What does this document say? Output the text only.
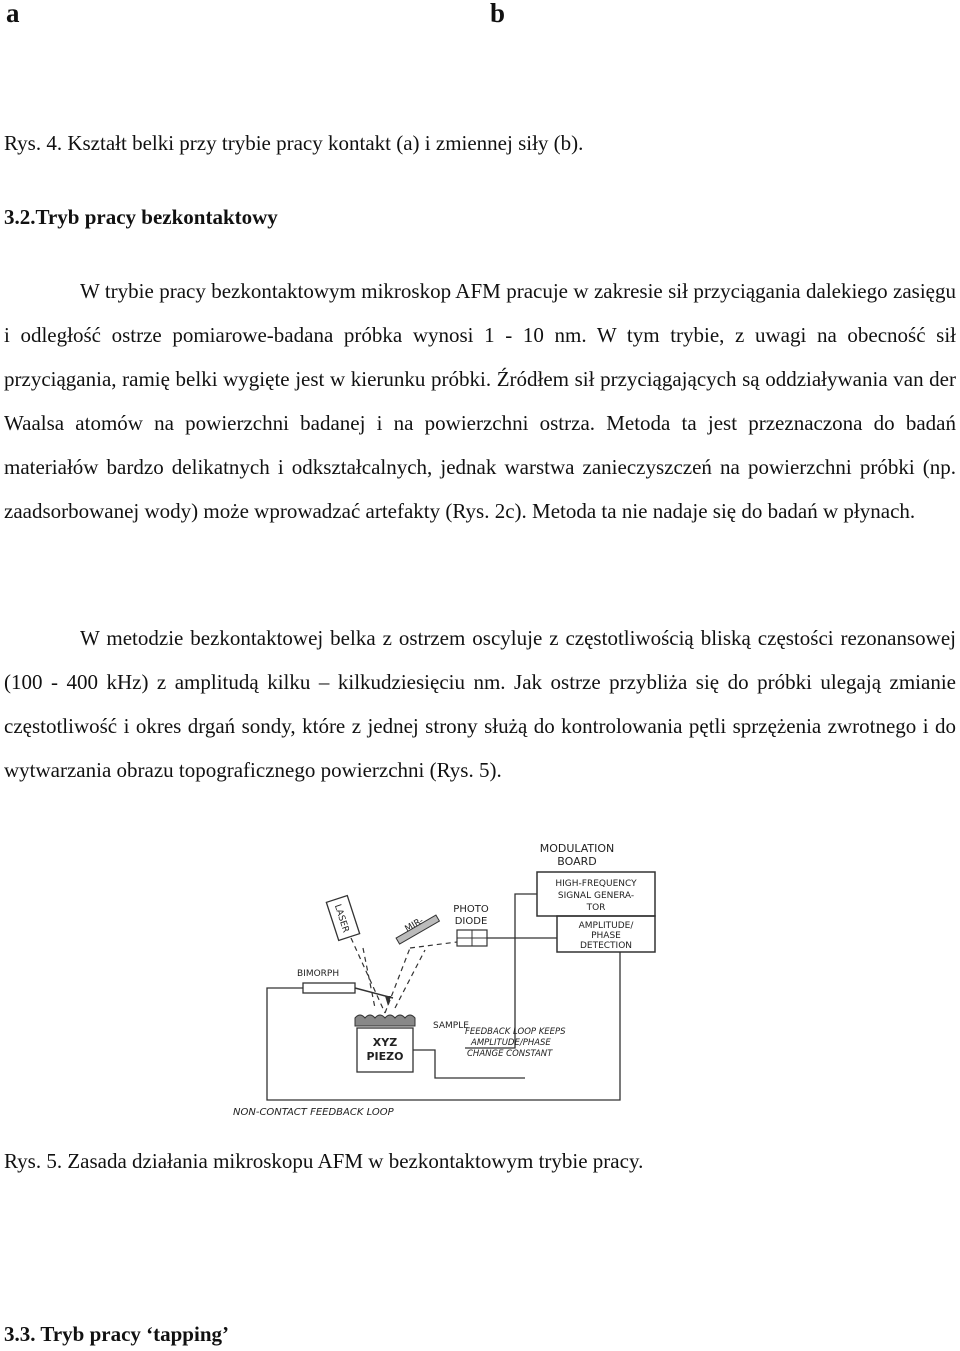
a	b
Rys. 4. Kształt belki przy trybie pracy kontakt (a) i zmiennej siły (b).
3.2.Tryb pracy bezkontaktowy
W trybie pracy bezkontaktowym mikroskop AFM pracuje w zakresie sił przyciągania dalekiego zasięgu i odległość ostrze pomiarowe-badana próbka wynosi 1 - 10 nm. W tym trybie, z uwagi na obecność sił przyciągania, ramię belki wygięte jest w kierunku próbki. Źródłem sił przyciągających są oddziaływania van der Waalsa atomów na powierzchni badanej i na powierzchni ostrza. Metoda ta jest przeznaczona do badań materiałów bardzo delikatnych i odkształcalnych, jednak warstwa zanieczyszczeń na powierzchni próbki (np. zaadsorbowanej wody) może wprowadzać artefakty (Rys. 2c). Metoda ta nie nadaje się do badań w płynach.
W metodzie bezkontaktowej belka z ostrzem oscyluje z częstotliwością bliską częstości rezonansowej (100 - 400 kHz) z amplitudą kilku – kilkudziesięciu nm. Jak ostrze przybliża się do próbki ulegają zmianie częstotliwość i okres drgań sondy, które z jednej strony służą do kontrolowania pętli sprzężenia zwrotnego i do wytwarzania obrazu topograficznego powierzchni (Rys. 5).
MODULATION
BOARD
HIGH-FREQUENCY
SIGNAL GENERA-
TOR
AMPLITUDE/
PHASE
DETECTION
PHOTO
DIODE
LASER	MIR-
BIMORPH
SAMPLE
XYZ
PIEZO
FEEDBACK LOOP KEEPS
AMPLITUDE/PHASE
CHANGE CONSTANT
NON-CONTACT FEEDBACK LOOP
Rys. 5. Zasada działania mikroskopu AFM w bezkontaktowym trybie pracy.
3.3. Tryb pracy ‘tapping’
